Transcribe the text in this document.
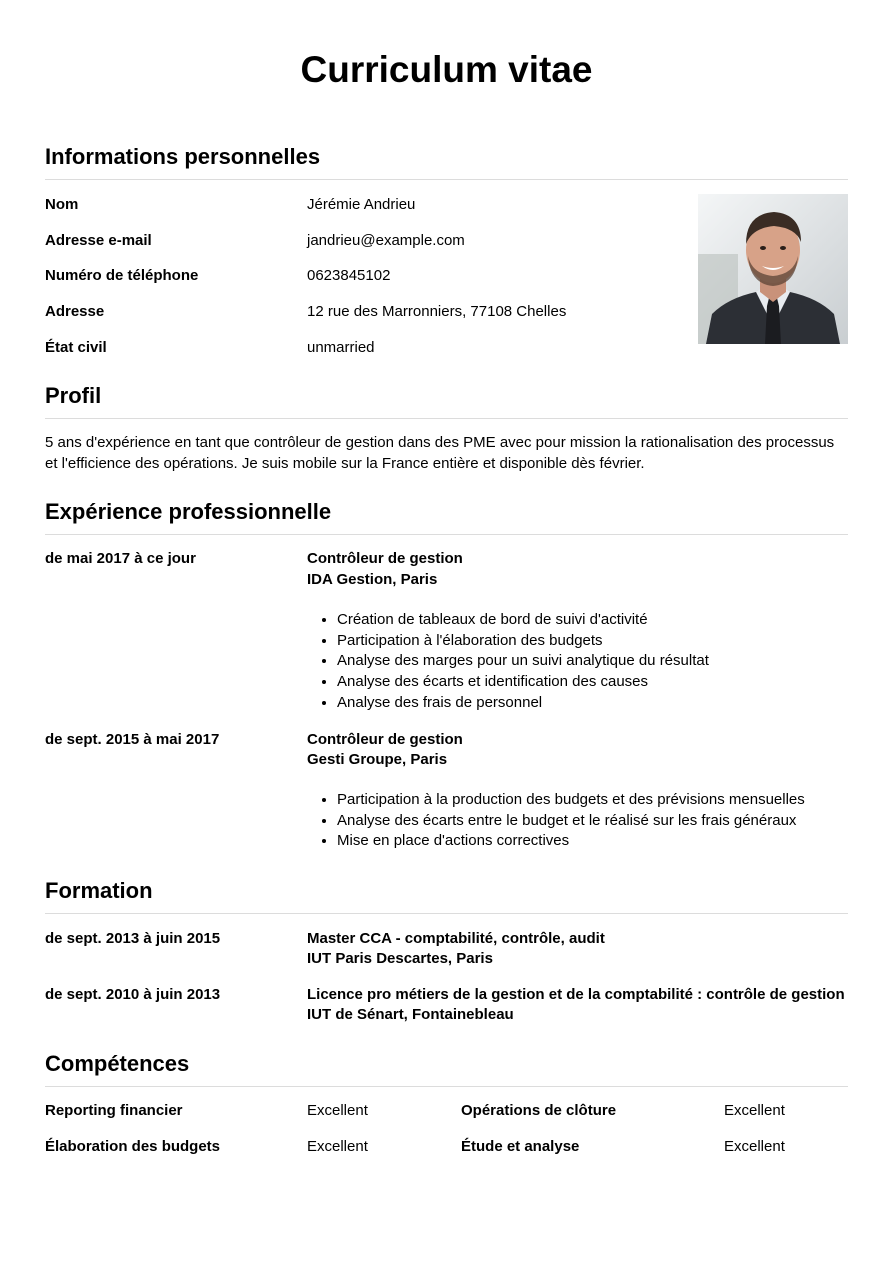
Curriculum vitae
Informations personnelles
Nom	Jérémie Andrieu
Adresse e-mail	jandrieu@example.com
Numéro de téléphone	0623845102
Adresse	12 rue des Marronniers, 77108 Chelles
État civil	unmarried
Profil
5 ans d'expérience en tant que contrôleur de gestion dans des PME avec pour mission la rationalisation des processus et l'efficience des opérations. Je suis mobile sur la France entière et disponible dès février.
Expérience professionnelle
de mai 2017 à ce jour	Contrôleur de gestion
IDA Gestion, Paris
• Création de tableaux de bord de suivi d'activité
• Participation à l'élaboration des budgets
• Analyse des marges pour un suivi analytique du résultat
• Analyse des écarts et identification des causes
• Analyse des frais de personnel
de sept. 2015 à mai 2017	Contrôleur de gestion
Gesti Groupe, Paris
• Participation à la production des budgets et des prévisions mensuelles
• Analyse des écarts entre le budget et le réalisé sur les frais généraux
• Mise en place d'actions correctives
Formation
de sept. 2013 à juin 2015	Master CCA - comptabilité, contrôle, audit
IUT Paris Descartes, Paris
de sept. 2010 à juin 2013	Licence pro métiers de la gestion et de la comptabilité : contrôle de gestion
IUT de Sénart, Fontainebleau
Compétences
Reporting financier	Excellent	Opérations de clôture	Excellent
Élaboration des budgets	Excellent	Étude et analyse	Excellent
